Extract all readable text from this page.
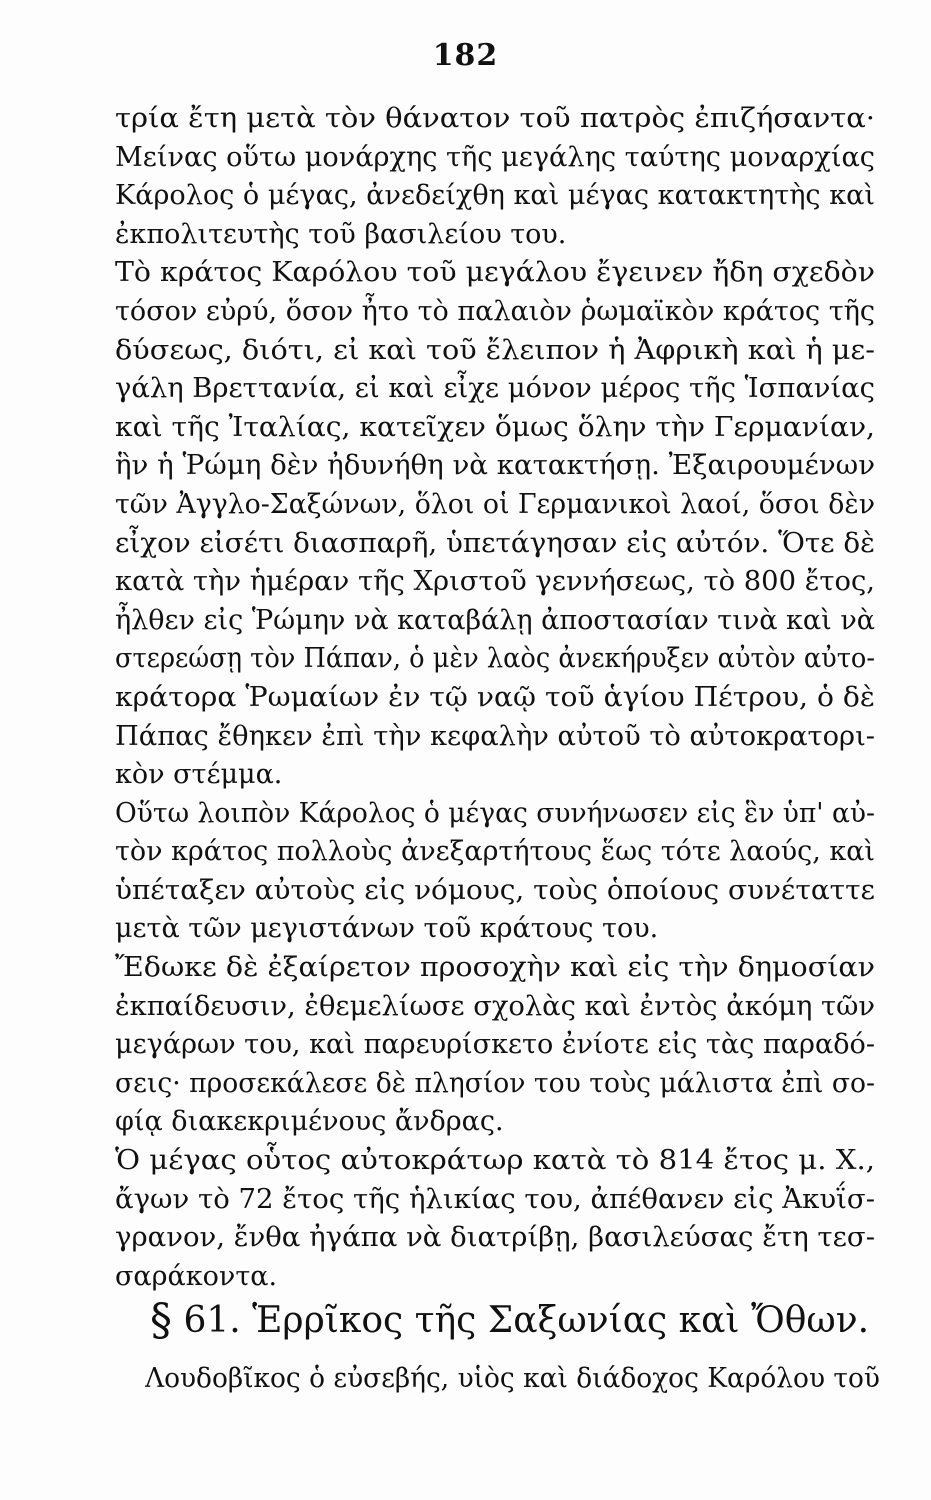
182
τρία ἔτη μετὰ τὸν θάνατον τοῦ πατρὸς ἐπιζήσαντα·
Μείνας οὕτω μονάρχης τῆς μεγάλης ταύτης μοναρχίας
Κάρολος ὁ μέγας, ἀνεδείχθη καὶ μέγας κατακτητὴς καὶ
ἐκπολιτευτὴς τοῦ βασιλείου του.
Τὸ κράτος Καρόλου τοῦ μεγάλου ἔγεινεν ἤδη σχεδὸν
τόσον εὐρύ, ὅσον ἦτο τὸ παλαιὸν ῥωμαϊκὸν κράτος τῆς
δύσεως, διότι, εἰ καὶ τοῦ ἔλειπον ἡ Ἀφρικὴ καὶ ἡ με-
γάλη Βρεττανία, εἰ καὶ εἶχε μόνον μέρος τῆς Ἱσπανίας
καὶ τῆς Ἰταλίας, κατεῖχεν ὅμως ὅλην τὴν Γερμανίαν,
ἣν ἡ Ῥώμη δὲν ἠδυνήθη νὰ κατακτήσῃ. Ἐξαιρουμένων
τῶν Ἀγγλο-Σαξώνων, ὅλοι οἱ Γερμανικοὶ λαοί, ὅσοι δὲν
εἶχον εἰσέτι διασπαρῆ, ὑπετάγησαν εἰς αὐτόν. Ὅτε δὲ
κατὰ τὴν ἡμέραν τῆς Χριστοῦ γεννήσεως, τὸ 800 ἔτος,
ἦλθεν εἰς Ῥώμην νὰ καταβάλῃ ἀποστασίαν τινὰ καὶ νὰ
στερεώσῃ τὸν Πάπαν, ὁ μὲν λαὸς ἀνεκήρυξεν αὐτὸν αὐτο-
κράτορα Ῥωμαίων ἐν τῷ ναῷ τοῦ ἁγίου Πέτρου, ὁ δὲ
Πάπας ἔθηκεν ἐπὶ τὴν κεφαλὴν αὐτοῦ τὸ αὐτοκρατορι-
κὸν στέμμα.
Οὕτω λοιπὸν Κάρολος ὁ μέγας συνήνωσεν εἰς ἓν ὑπ' αὐ-
τὸν κράτος πολλοὺς ἀνεξαρτήτους ἕως τότε λαούς, καὶ
ὑπέταξεν αὐτοὺς εἰς νόμους, τοὺς ὁποίους συνέταττε
μετὰ τῶν μεγιστάνων τοῦ κράτους του.
Ἔδωκε δὲ ἐξαίρετον προσοχὴν καὶ εἰς τὴν δημοσίαν
ἐκπαίδευσιν, ἐθεμελίωσε σχολὰς καὶ ἐντὸς ἀκόμη τῶν
μεγάρων του, καὶ παρευρίσκετο ἐνίοτε εἰς τὰς παραδό-
σεις· προσεκάλεσε δὲ πλησίον του τοὺς μάλιστα ἐπὶ σο-
φίᾳ διακεκριμένους ἄνδρας.
Ὁ μέγας οὗτος αὐτοκράτωρ κατὰ τὸ 814 ἔτος μ. Χ.,
ἄγων τὸ 72 ἔτος τῆς ἡλικίας του, ἀπέθανεν εἰς Ἀκυΐσ-
γρανον, ἔνθα ἠγάπα νὰ διατρίβῃ, βασιλεύσας ἔτη τεσ-
σαράκοντα.
§ 61. Ἑρρῖκος τῆς Σαξωνίας καὶ Ὄθων.
Λουδοβῖκος ὁ εὐσεβής, υἱὸς καὶ διάδοχος Καρόλου τοῦ
